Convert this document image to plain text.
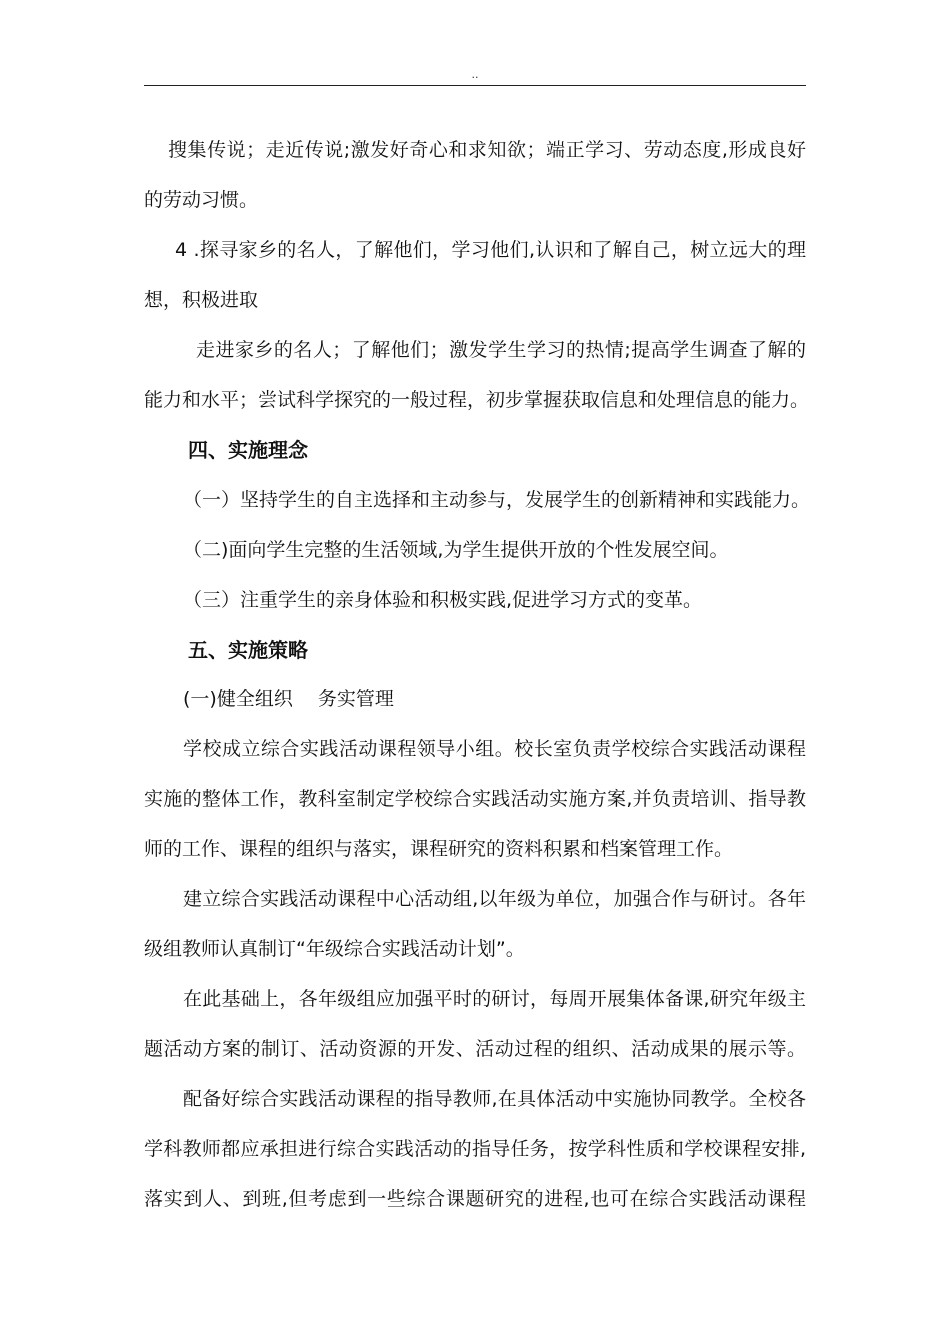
..
搜集传说；走近传说;激发好奇心和求知欲；端正学习、劳动态度,形成良好
的劳动习惯。
4 .探寻家乡的名人，了解他们，学习他们,认识和了解自己，树立远大的理
想，积极进取
走进家乡的名人；了解他们；激发学生学习的热情;提高学生调查了解的
能力和水平；尝试科学探究的一般过程，初步掌握获取信息和处理信息的能力。
四、实施理念
（一）坚持学生的自主选择和主动参与，发展学生的创新精神和实践能力。
（二)面向学生完整的生活领域,为学生提供开放的个性发展空间。
（三）注重学生的亲身体验和积极实践,促进学习方式的变革。
五、实施策略
(一)健全组织　 务实管理
学校成立综合实践活动课程领导小组。校长室负责学校综合实践活动课程
实施的整体工作，教科室制定学校综合实践活动实施方案,并负责培训、指导教
师的工作、课程的组织与落实，课程研究的资料积累和档案管理工作。
建立综合实践活动课程中心活动组,以年级为单位，加强合作与研讨。各年
级组教师认真制订“年级综合实践活动计划”。
在此基础上，各年级组应加强平时的研讨，每周开展集体备课,研究年级主
题活动方案的制订、活动资源的开发、活动过程的组织、活动成果的展示等。
配备好综合实践活动课程的指导教师,在具体活动中实施协同教学。全校各
学科教师都应承担进行综合实践活动的指导任务，按学科性质和学校课程安排,
落实到人、到班,但考虑到一些综合课题研究的进程,也可在综合实践活动课程
